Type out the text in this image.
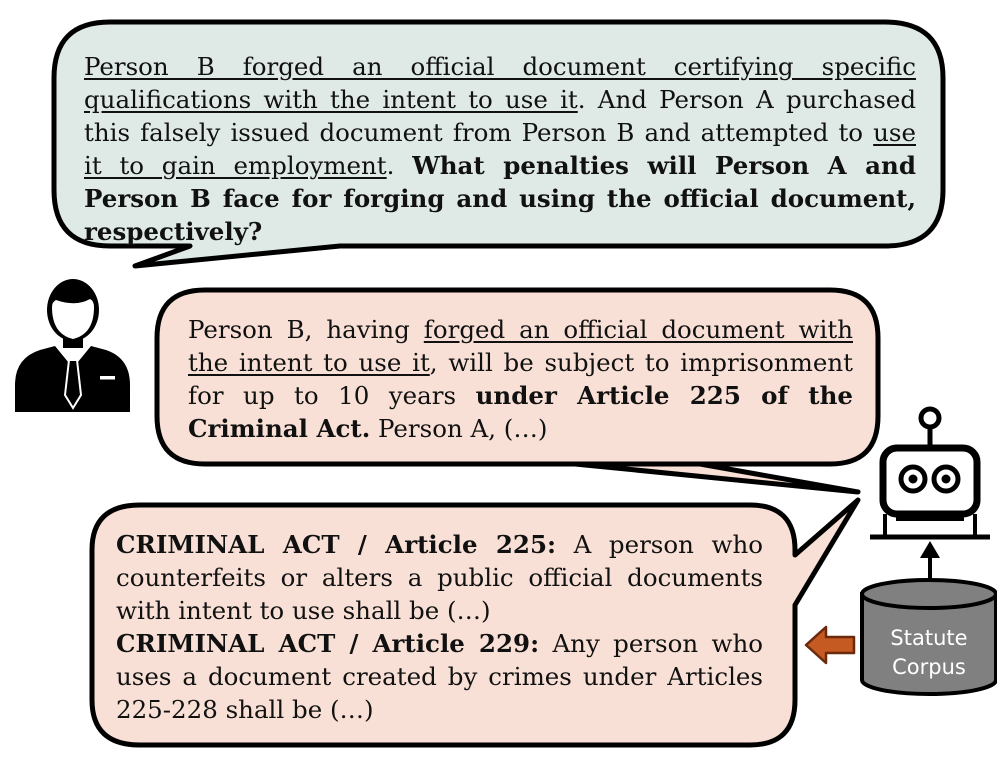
Person B forged an official document certifying specific qualifications with the intent to use it. And Person A purchased this falsely issued document from Person B and attempted to use it to gain employment. What penalties will Person A and Person B face for forging and using the official document, respectively?
Person B, having forged an official document with the intent to use it, will be subject to imprisonment for up to 10 years under Article 225 of the Criminal Act. Person A, (…)
CRIMINAL ACT / Article 225: A person who counterfeits or alters a public official documents with intent to use shall be (…)
CRIMINAL ACT / Article 229: Any person who uses a document created by crimes under Articles 225-228 shall be (…)
Statute
Corpus
